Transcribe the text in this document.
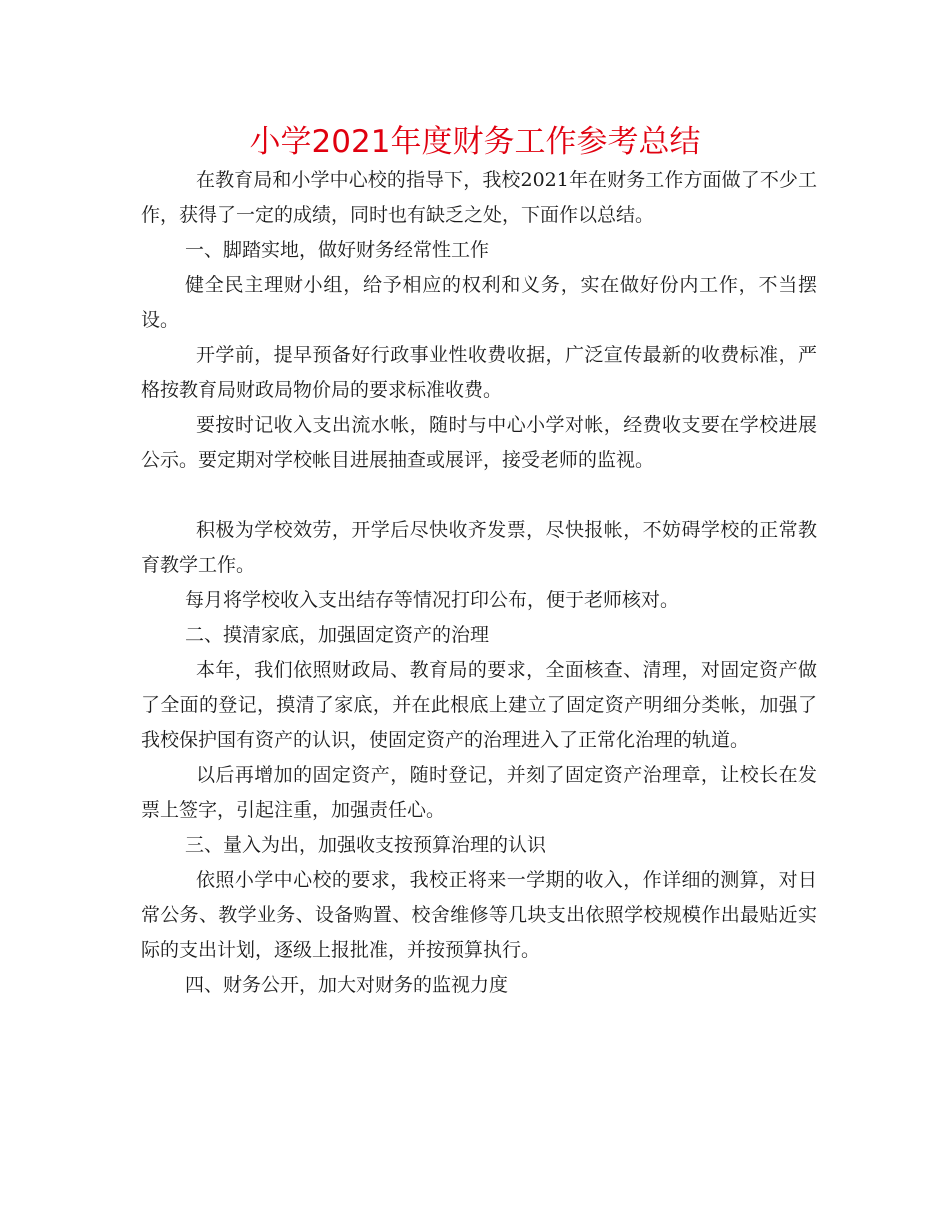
小学2021年度财务工作参考总结

在教育局和小学中心校的指导下，我校2021年在财务工作方面做了不少工作，获得了一定的成绩，同时也有缺乏之处，下面作以总结。

一、脚踏实地，做好财务经常性工作

健全民主理财小组，给予相应的权利和义务，实在做好份内工作，不当摆设。

开学前，提早预备好行政事业性收费收据，广泛宣传最新的收费标准，严格按教育局财政局物价局的要求标准收费。

要按时记收入支出流水帐，随时与中心小学对帐，经费收支要在学校进展公示。要定期对学校帐目进展抽查或展评，接受老师的监视。

积极为学校效劳，开学后尽快收齐发票，尽快报帐，不妨碍学校的正常教育教学工作。

每月将学校收入支出结存等情况打印公布，便于老师核对。

二、摸清家底，加强固定资产的治理

本年，我们依照财政局、教育局的要求，全面核查、清理，对固定资产做了全面的登记，摸清了家底，并在此根底上建立了固定资产明细分类帐，加强了我校保护国有资产的认识，使固定资产的治理进入了正常化治理的轨道。

以后再增加的固定资产，随时登记，并刻了固定资产治理章，让校长在发票上签字，引起注重，加强责任心。

三、量入为出，加强收支按预算治理的认识

依照小学中心校的要求，我校正将来一学期的收入，作详细的测算，对日常公务、教学业务、设备购置、校舍维修等几块支出依照学校规模作出最贴近实际的支出计划，逐级上报批准，并按预算执行。

四、财务公开，加大对财务的监视力度
